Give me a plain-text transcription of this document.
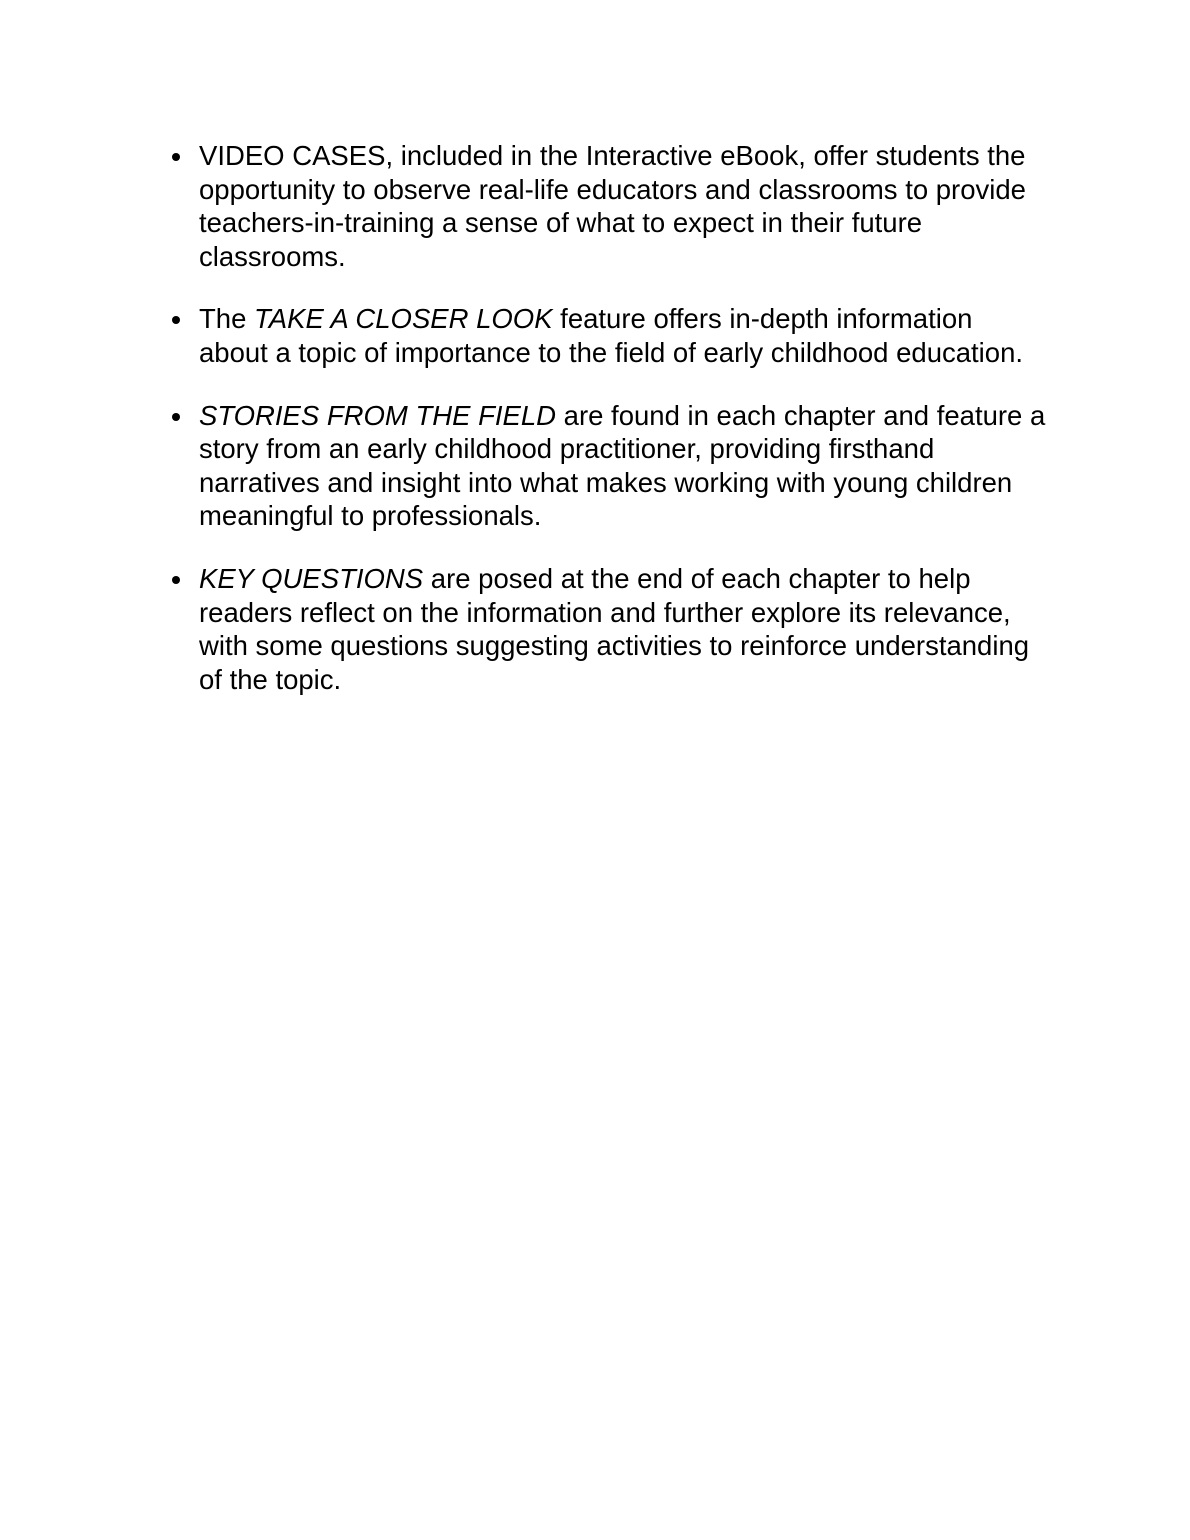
VIDEO CASES, included in the Interactive eBook, offer students the opportunity to observe real-life educators and classrooms to provide teachers-in-training a sense of what to expect in their future classrooms.
The TAKE A CLOSER LOOK feature offers in-depth information about a topic of importance to the field of early childhood education.
STORIES FROM THE FIELD are found in each chapter and feature a story from an early childhood practitioner, providing firsthand narratives and insight into what makes working with young children meaningful to professionals.
KEY QUESTIONS are posed at the end of each chapter to help readers reflect on the information and further explore its relevance, with some questions suggesting activities to reinforce understanding of the topic.
